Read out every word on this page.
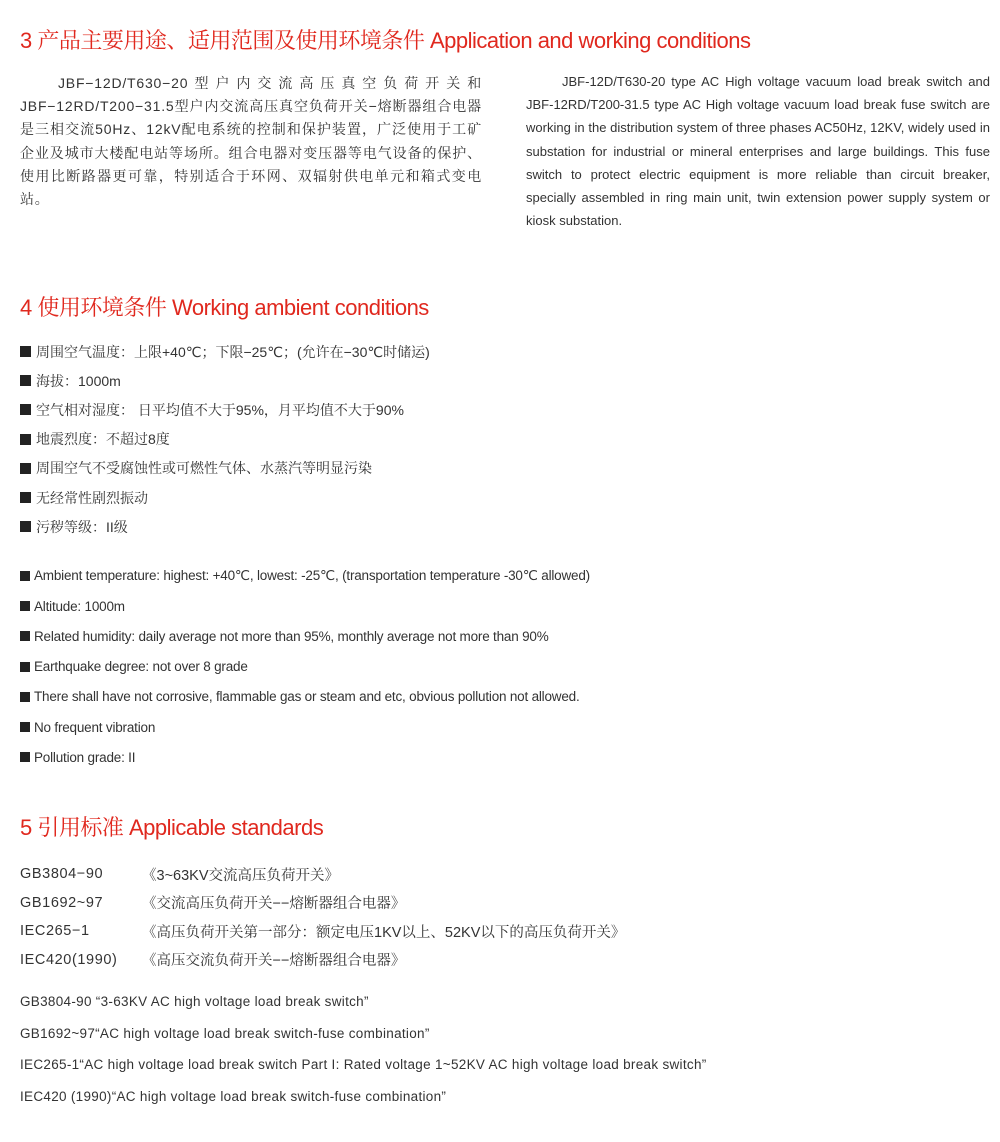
3 产品主要用途、适用范围及使用环境条件 Application and working conditions

JBF−12D/T630−20型户内交流高压真空负荷开关和JBF−12RD/T200−31.5型户内交流高压真空负荷开关−熔断器组合电器是三相交流50Hz、12kV配电系统的控制和保护装置，广泛使用于工矿企业及城市大楼配电站等场所。组合电器对变压器等电气设备的保护、使用比断路器更可靠，特别适合于环网、双辐射供电单元和箱式变电站。

JBF-12D/T630-20 type AC High voltage vacuum load break switch and JBF-12RD/T200-31.5 type AC High voltage vacuum load break fuse switch are working in the distribution system of three phases AC50Hz, 12KV, widely used in substation for industrial or mineral enterprises and large buildings. This fuse switch to protect electric equipment is more reliable than circuit breaker, specially assembled in ring main unit, twin extension power supply system or kiosk substation.

4 使用环境条件 Working ambient conditions
周围空气温度：上限+40℃；下限−25℃；(允许在−30℃时储运)
海拔：1000m
空气相对湿度： 日平均值不大于95%，月平均值不大于90%
地震烈度：不超过8度
周围空气不受腐蚀性或可燃性气体、水蒸汽等明显污染
无经常性剧烈振动
污秽等级：II级
Ambient temperature: highest: +40℃, lowest: -25℃, (transportation temperature -30℃ allowed)
Altitude: 1000m
Related humidity: daily average not more than 95%, monthly average not more than 90%
Earthquake degree: not over 8 grade
There shall have not corrosive, flammable gas or steam and etc, obvious pollution not allowed.
No frequent vibration
Pollution grade: II
5 引用标准 Applicable standards
GB3804−90	《3~63KV交流高压负荷开关》
GB1692~97	《交流高压负荷开关−−熔断器组合电器》
IEC265−1	《高压负荷开关第一部分：额定电压1KV以上、52KV以下的高压负荷开关》
IEC420(1990)	《高压交流负荷开关−−熔断器组合电器》
GB3804-90 “3-63KV AC high voltage load break switch”
GB1692~97“AC high voltage load break switch-fuse combination”
IEC265-1“AC high voltage load break switch Part I: Rated voltage 1~52KV AC high voltage load break switch”
IEC420 (1990)“AC high voltage load break switch-fuse combination”
